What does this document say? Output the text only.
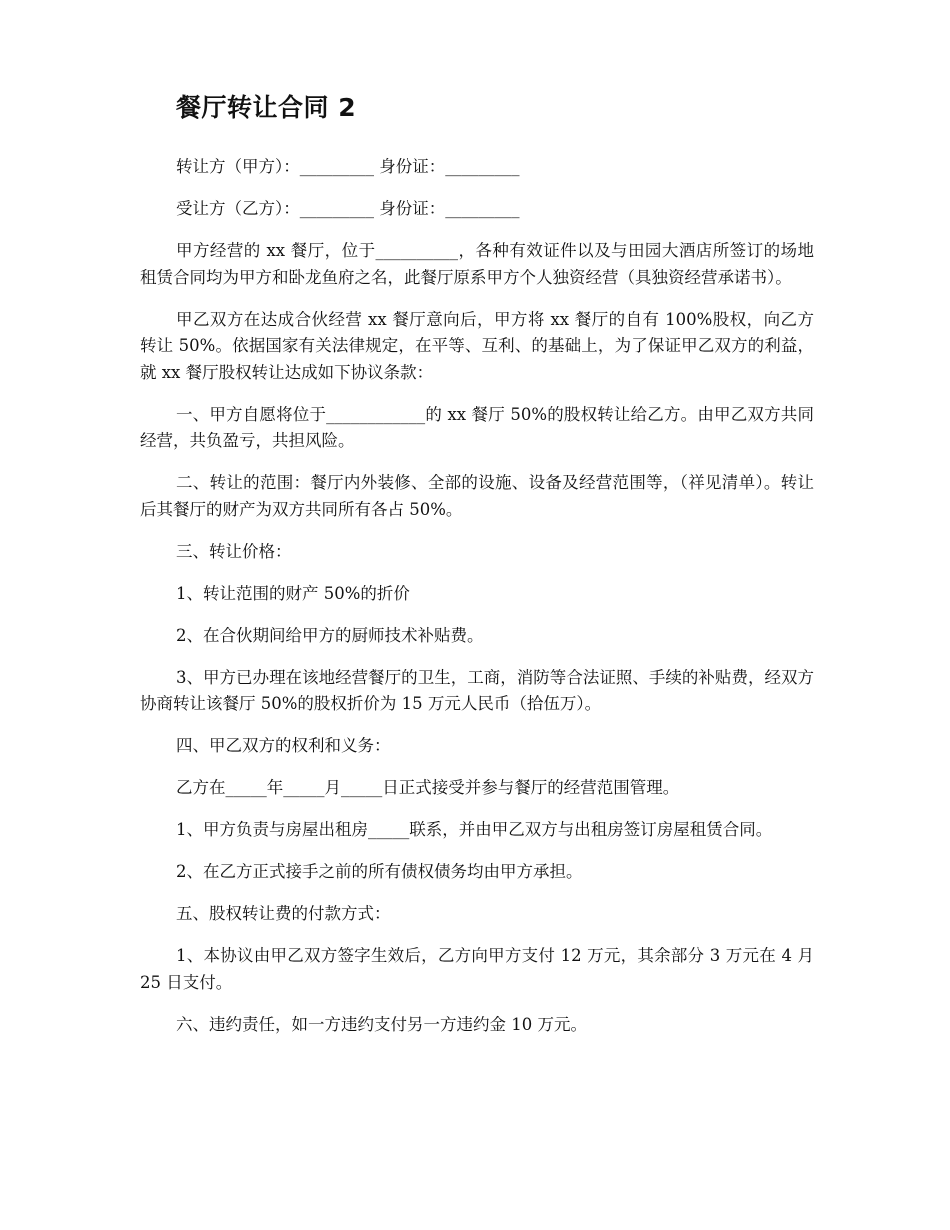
餐厅转让合同 2

转让方（甲方）：_________ 身份证：_________

受让方（乙方）：_________ 身份证：_________

甲方经营的 xx 餐厅，位于__________，各种有效证件以及与田园大酒店所签订的场地租赁合同均为甲方和卧龙鱼府之名，此餐厅原系甲方个人独资经营（具独资经营承诺书）。

甲乙双方在达成合伙经营 xx 餐厅意向后，甲方将 xx 餐厅的自有 100%股权，向乙方转让 50%。依据国家有关法律规定，在平等、互利、的基础上，为了保证甲乙双方的利益，就 xx 餐厅股权转让达成如下协议条款：

一、甲方自愿将位于____________的 xx 餐厅 50%的股权转让给乙方。由甲乙双方共同经营，共负盈亏，共担风险。

二、转让的范围：餐厅内外装修、全部的设施、设备及经营范围等，（祥见清单）。转让后其餐厅的财产为双方共同所有各占 50%。

三、转让价格：

1、转让范围的财产 50%的折价

2、在合伙期间给甲方的厨师技术补贴费。

3、甲方已办理在该地经营餐厅的卫生，工商，消防等合法证照、手续的补贴费，经双方协商转让该餐厅 50%的股权折价为 15 万元人民币（拾伍万）。

四、甲乙双方的权利和义务：

乙方在_____年_____月_____日正式接受并参与餐厅的经营范围管理。

1、甲方负责与房屋出租房_____联系，并由甲乙双方与出租房签订房屋租赁合同。

2、在乙方正式接手之前的所有债权债务均由甲方承担。

五、股权转让费的付款方式：

1、本协议由甲乙双方签字生效后，乙方向甲方支付 12 万元，其余部分 3 万元在 4 月 25 日支付。

六、违约责任，如一方违约支付另一方违约金 10 万元。
